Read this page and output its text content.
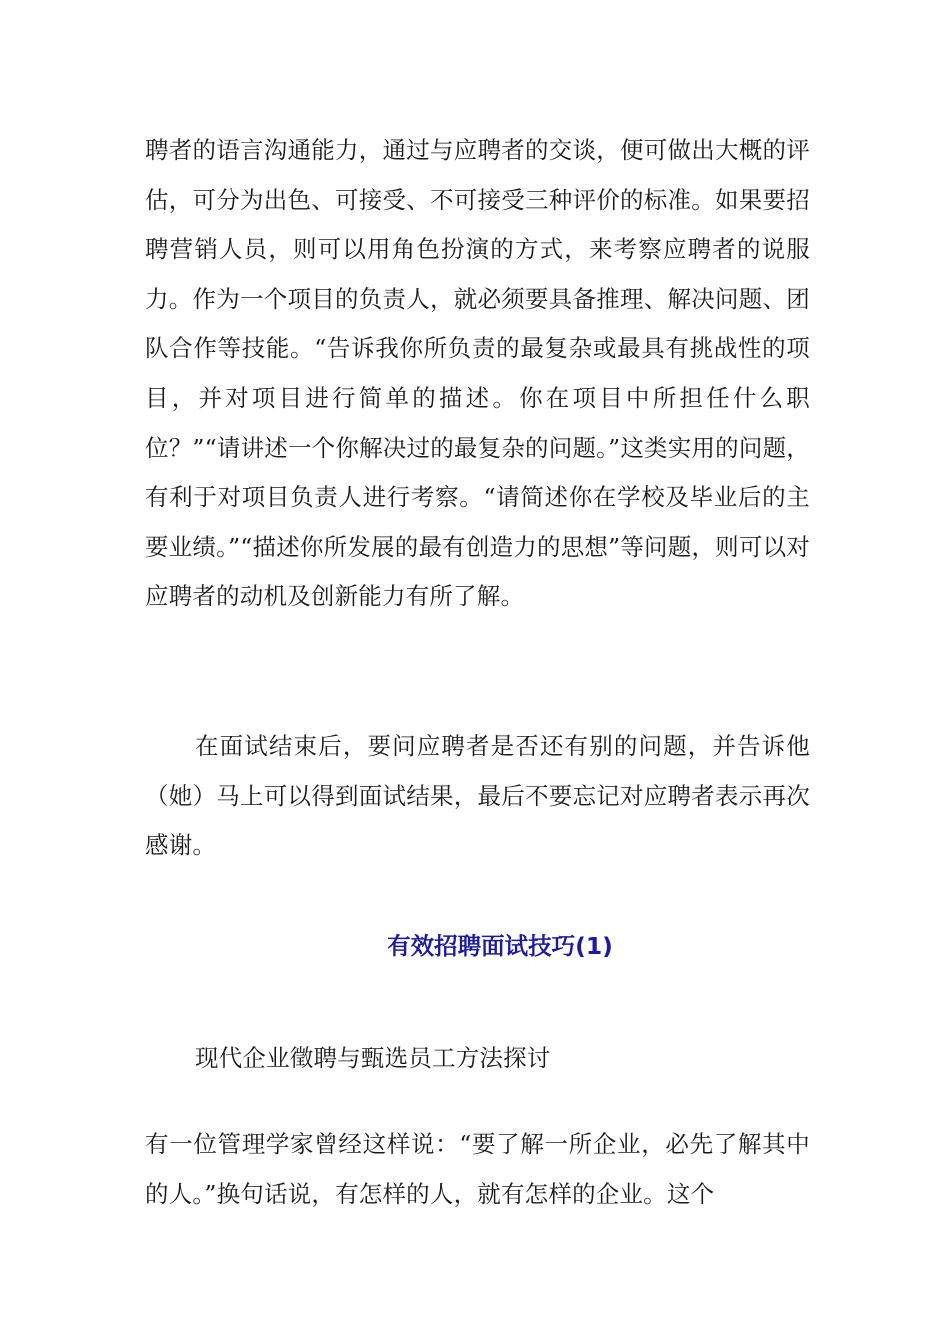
聘者的语言沟通能力，通过与应聘者的交谈，便可做出大概的评估，可分为出色、可接受、不可接受三种评价的标准。如果要招聘营销人员，则可以用角色扮演的方式，来考察应聘者的说服力。作为一个项目的负责人，就必须要具备推理、解决问题、团队合作等技能。“告诉我你所负责的最复杂或最具有挑战性的项目，并对项目进行简单的描述。你在项目中所担任什么职位？”“请讲述一个你解决过的最复杂的问题。”这类实用的问题，有利于对项目负责人进行考察。“请简述你在学校及毕业后的主要业绩。”“描述你所发展的最有创造力的思想”等问题，则可以对应聘者的动机及创新能力有所了解。

在面试结束后，要问应聘者是否还有别的问题，并告诉他（她）马上可以得到面试结果，最后不要忘记对应聘者表示再次感谢。

有效招聘面试技巧(1)

现代企业徵聘与甄选员工方法探讨

有一位管理学家曾经这样说：“要了解一所企业，必先了解其中的人。”换句话说，有怎样的人，就有怎样的企业。这个
